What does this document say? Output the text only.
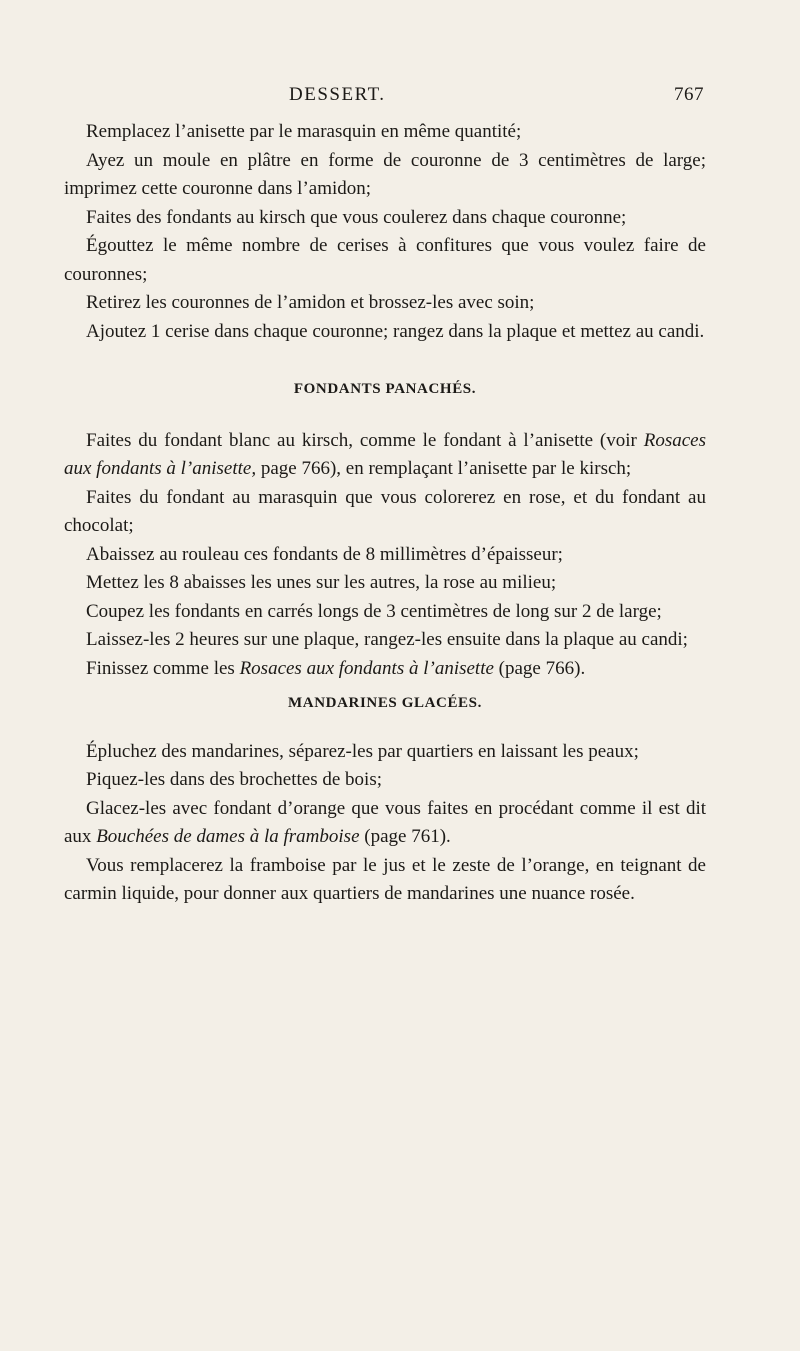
DESSERT.	767

Remplacez l’anisette par le marasquin en même quantité;

Ayez un moule en plâtre en forme de couronne de 3 centimètres de large; imprimez cette couronne dans l’amidon;

Faites des fondants au kirsch que vous coulerez dans chaque couronne;

Égouttez le même nombre de cerises à confitures que vous voulez faire de couronnes;

Retirez les couronnes de l’amidon et brossez-les avec soin;

Ajoutez 1 cerise dans chaque couronne; rangez dans la plaque et mettez au candi.

FONDANTS PANACHÉS.

Faites du fondant blanc au kirsch, comme le fondant à l’anisette (voir Rosaces aux fondants à l’anisette, page 766), en remplaçant l’anisette par le kirsch;

Faites du fondant au marasquin que vous colorerez en rose, et du fondant au chocolat;

Abaissez au rouleau ces fondants de 8 millimètres d’épaisseur;

Mettez les 8 abaisses les unes sur les autres, la rose au milieu;

Coupez les fondants en carrés longs de 3 centimètres de long sur 2 de large;

Laissez-les 2 heures sur une plaque, rangez-les ensuite dans la plaque au candi;

Finissez comme les Rosaces aux fondants à l’anisette (page 766).

MANDARINES GLACÉES.

Épluchez des mandarines, séparez-les par quartiers en laissant les peaux;

Piquez-les dans des brochettes de bois;

Glacez-les avec fondant d’orange que vous faites en procédant comme il est dit aux Bouchées de dames à la framboise (page 761).

Vous remplacerez la framboise par le jus et le zeste de l’orange, en teignant de carmin liquide, pour donner aux quartiers de mandarines une nuance rosée.
